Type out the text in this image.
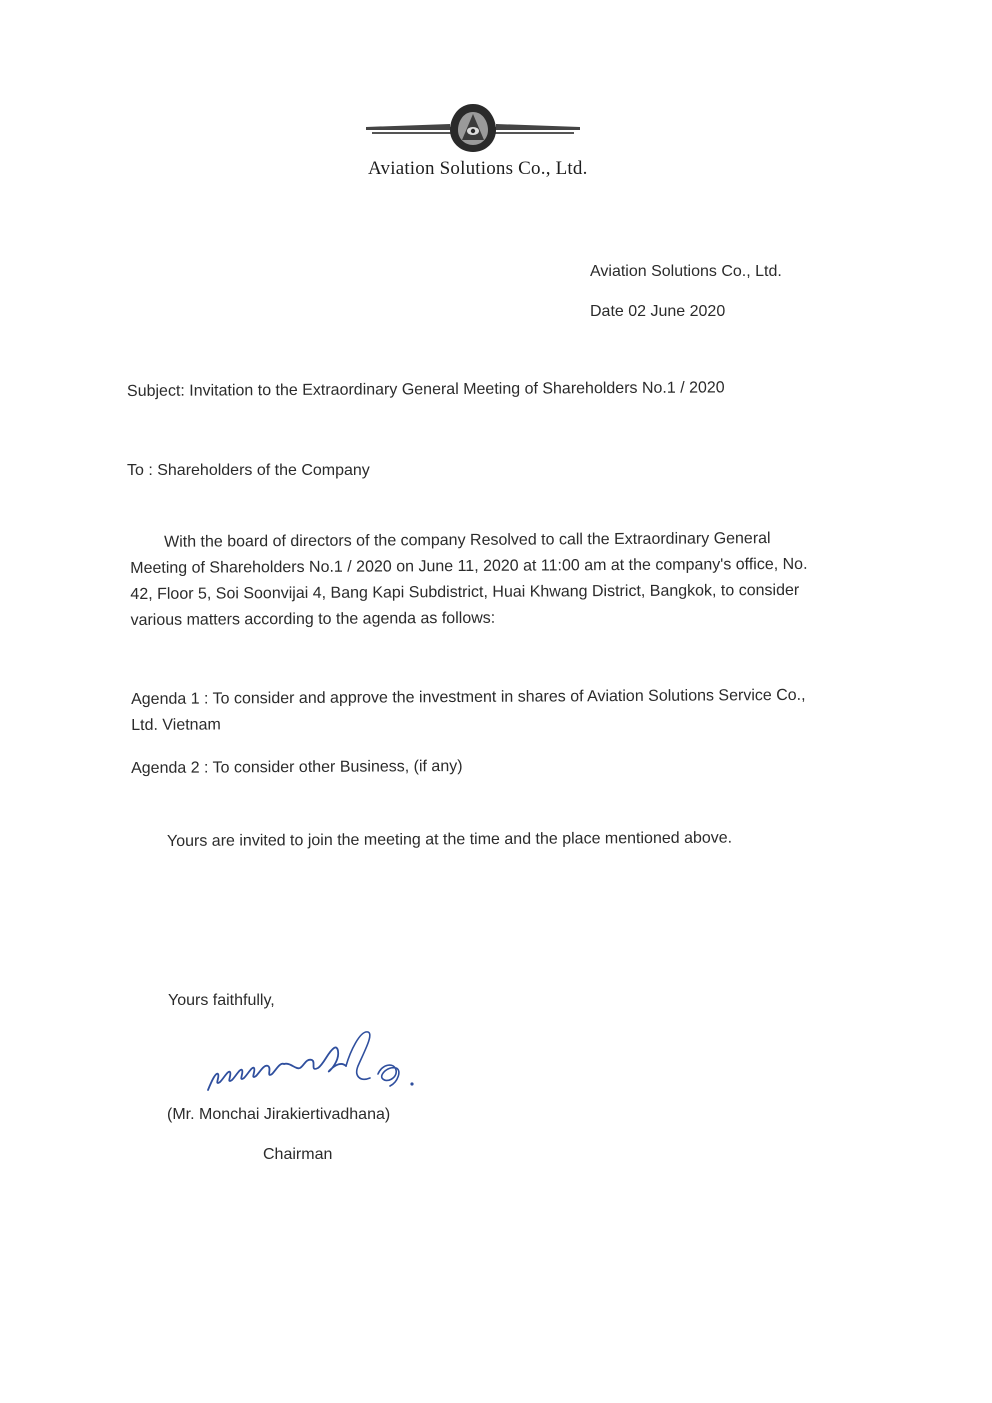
Aviation Solutions Co., Ltd.
Aviation Solutions Co., Ltd.
Date 02 June 2020
Subject: Invitation to the Extraordinary General Meeting of Shareholders No.1 / 2020
To : Shareholders of the Company
With the board of directors of the company Resolved to call the Extraordinary General
Meeting of Shareholders No.1 / 2020 on June 11, 2020 at 11:00 am at the company's office, No.
42, Floor 5, Soi Soonvijai 4, Bang Kapi Subdistrict, Huai Khwang District, Bangkok, to consider
various matters according to the agenda as follows:
Agenda 1 : To consider and approve the investment in shares of Aviation Solutions Service Co.,
Ltd. Vietnam
Agenda 2 : To consider other Business, (if any)
Yours are invited to join the meeting at the time and the place mentioned above.
Yours faithfully,
(Mr. Monchai Jirakiertivadhana)
Chairman
